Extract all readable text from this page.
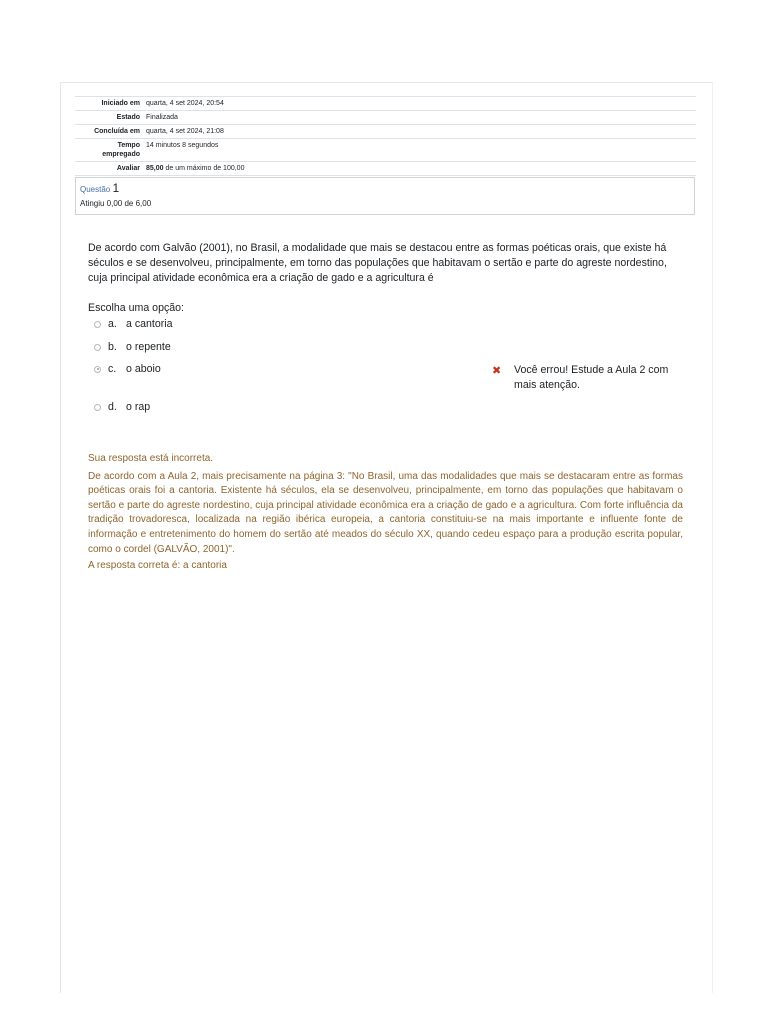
Iniciado em	quarta, 4 set 2024, 20:54
Estado	Finalizada
Concluída em	quarta, 4 set 2024, 21:08
Tempo empregado	14 minutos 8 segundos
Avaliar	85,00 de um máximo de 100,00
Questão 1
Atingiu 0,00 de 6,00
De acordo com Galvão (2001), no Brasil, a modalidade que mais se destacou entre as formas poéticas orais, que existe há séculos e se desenvolveu, principalmente, em torno das populações que habitavam o sertão e parte do agreste nordestino, cuja principal atividade econômica era a criação de gado e a agricultura é
Escolha uma opção:
a. a cantoria
b. o repente
c. o aboio
d. o rap
✖ Você errou! Estude a Aula 2 com mais atenção.

Sua resposta está incorreta.

De acordo com a Aula 2, mais precisamente na página 3: "No Brasil, uma das modalidades que mais se destacaram entre as formas poéticas orais foi a cantoria. Existente há séculos, ela se desenvolveu, principalmente, em torno das populações que habitavam o sertão e parte do agreste nordestino, cuja principal atividade econômica era a criação de gado e a agricultura. Com forte influência da tradição trovadoresca, localizada na região ibérica europeia, a cantoria constituiu-se na mais importante e influente fonte de informação e entretenimento do homem do sertão até meados do século XX, quando cedeu espaço para a produção escrita popular, como o cordel (GALVÃO, 2001)".

A resposta correta é: a cantoria
